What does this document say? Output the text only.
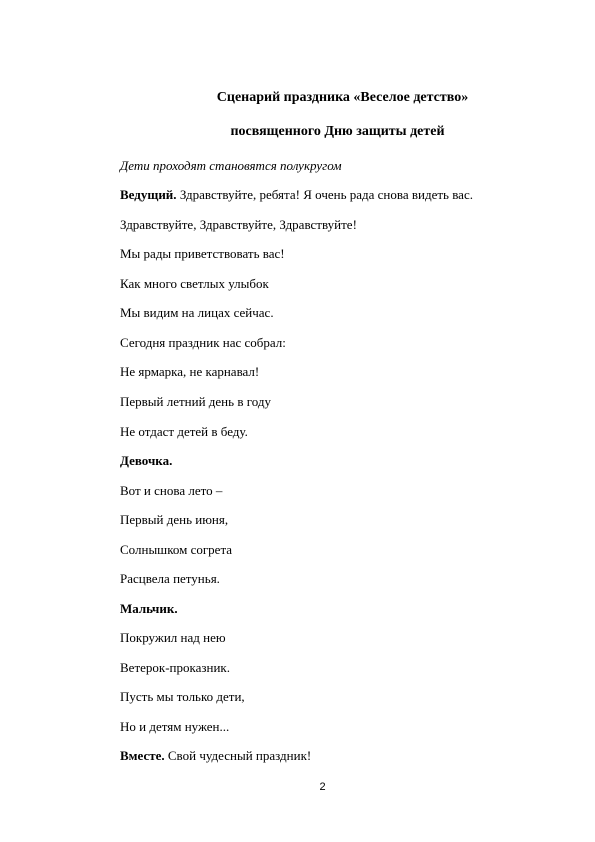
Сценарий праздника «Веселое детство»
посвященного Дню защиты детей
Дети проходят становятся полукругом
Ведущий. Здравствуйте, ребята! Я очень рада снова видеть вас.
Здравствуйте, Здравствуйте, Здравствуйте!
Мы рады приветствовать вас!
Как много светлых улыбок
Мы видим на лицах сейчас.
Сегодня праздник нас собрал:
Не ярмарка, не карнавал!
Первый летний день в году
Не отдаст детей в беду.
Девочка.
Вот и снова лето –
Первый день июня,
Солнышком согрета
Расцвела петунья.
Мальчик.
Покружил над нею
Ветерок-проказник.
Пусть мы только дети,
Но и детям нужен...
Вместе. Свой чудесный праздник!
2
